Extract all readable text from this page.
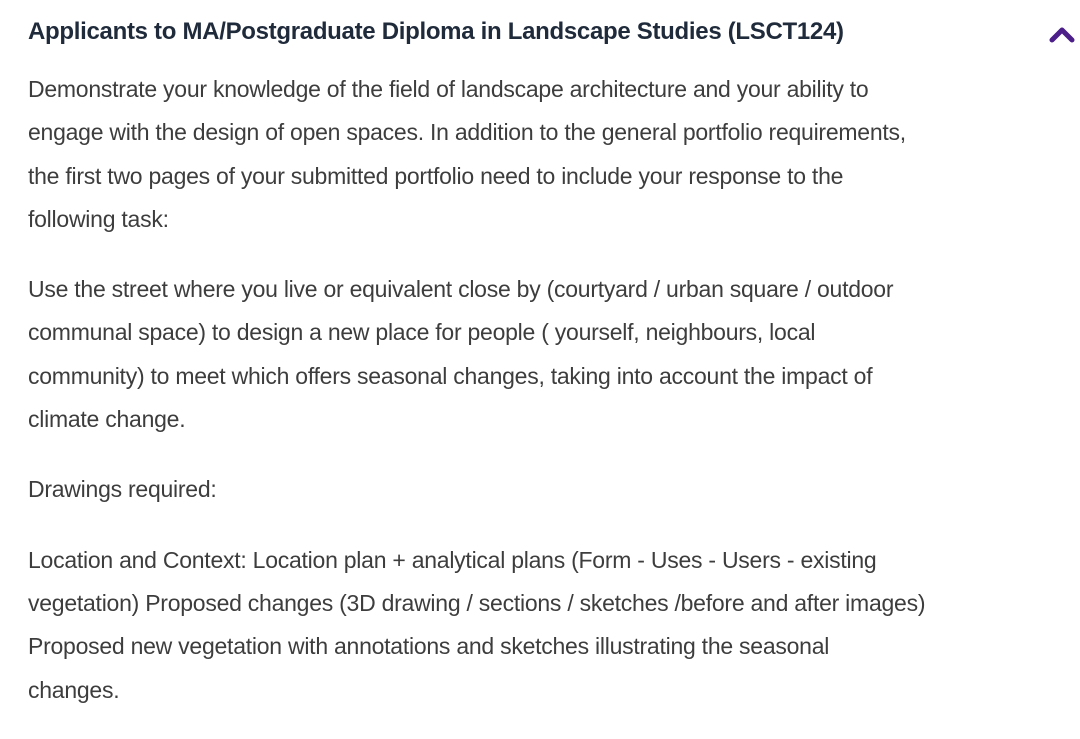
Applicants to MA/Postgraduate Diploma in Landscape Studies (LSCT124)

Demonstrate your knowledge of the field of landscape architecture and your ability to
engage with the design of open spaces. In addition to the general portfolio requirements,
the first two pages of your submitted portfolio need to include your response to the
following task:

Use the street where you live or equivalent close by (courtyard / urban square / outdoor
communal space) to design a new place for people ( yourself, neighbours, local
community) to meet which offers seasonal changes, taking into account the impact of
climate change.

Drawings required:

Location and Context: Location plan + analytical plans (Form - Uses - Users - existing
vegetation) Proposed changes (3D drawing / sections / sketches /before and after images)
Proposed new vegetation with annotations and sketches illustrating the seasonal
changes.
